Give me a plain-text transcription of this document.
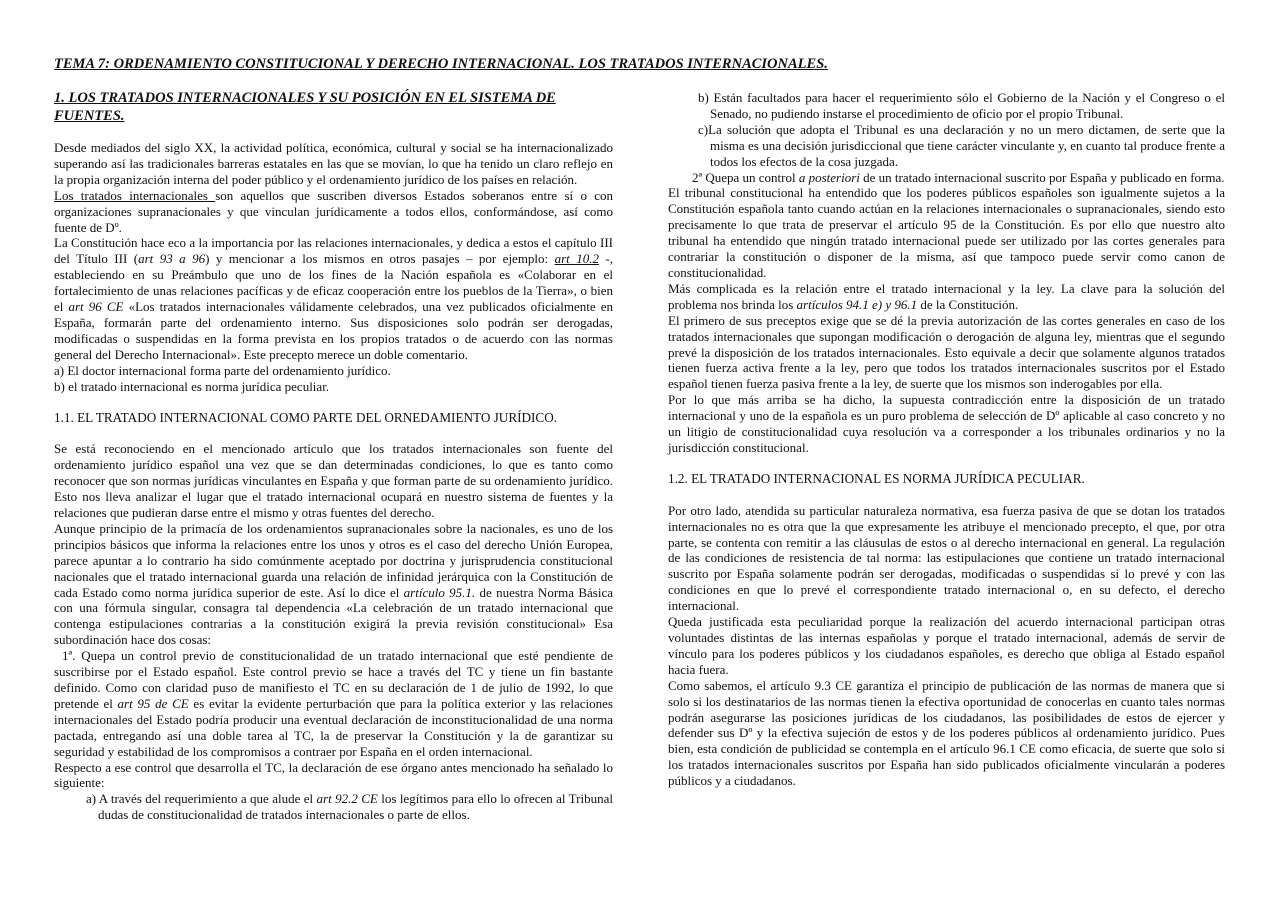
TEMA 7: ORDENAMIENTO CONSTITUCIONAL Y DERECHO INTERNACIONAL. LOS TRATADOS INTERNACIONALES.
1. LOS TRATADOS INTERNACIONALES Y SU POSICIÓN EN EL SISTEMA DE FUENTES.

Desde mediados del siglo XX, la actividad política, económica, cultural y social se ha internacionalizado superando así las tradicionales barreras estatales en las que se movían, lo que ha tenido un claro reflejo en la propia organización interna del poder público y el ordenamiento jurídico de los países en relación.

Los tratados internacionales son aquellos que suscriben diversos Estados soberanos entre sí o con organizaciones supranacionales y que vinculan jurídicamente a todos ellos, conformándose, así como fuente de Dº.

La Constitución hace eco a la importancia por las relaciones internacionales, y dedica a estos el capítulo III del Título III (art 93 a 96) y mencionar a los mismos en otros pasajes – por ejemplo: art 10.2 -, estableciendo en su Preámbulo que uno de los fines de la Nación española es «Colaborar en el fortalecimiento de unas relaciones pacíficas y de eficaz cooperación entre los pueblos de la Tierra», o bien el art 96 CE «Los tratados internacionales válidamente celebrados, una vez publicados oficialmente en España, formarán parte del ordenamiento interno. Sus disposiciones solo podrán ser derogadas, modificadas o suspendidas en la forma prevista en los propios tratados o de acuerdo con las normas general del Derecho Internacional». Este precepto merece un doble comentario.

a) El doctor internacional forma parte del ordenamiento jurídico.

b) el tratado internacional es norma jurídica peculiar.

1.1. EL TRATADO INTERNACIONAL COMO PARTE DEL ORNEDAMIENTO JURÍDICO.

Se está reconociendo en el mencionado artículo que los tratados internacionales son fuente del ordenamiento jurídico español una vez que se dan determinadas condiciones, lo que es tanto como reconocer que son normas jurídicas vinculantes en España y que forman parte de su ordenamiento jurídico. Esto nos lleva analizar el lugar que el tratado internacional ocupará en nuestro sistema de fuentes y la relaciones que pudieran darse entre el mismo y otras fuentes del derecho.

Aunque principio de la primacía de los ordenamientos supranacionales sobre la nacionales, es uno de los principios básicos que informa la relaciones entre los unos y otros es el caso del derecho Unión Europea, parece apuntar a lo contrario ha sido comúnmente aceptado por doctrina y jurisprudencia constitucional nacionales que el tratado internacional guarda una relación de infinidad jerárquica con la Constitución de cada Estado como norma jurídica superior de este. Así lo dice el artículo 95.1. de nuestra Norma Básica con una fórmula singular, consagra tal dependencia «La celebración de un tratado internacional que contenga estipulaciones contrarias a la constitución exigirá la previa revisión constitucional» Esa subordinación hace dos cosas:

1ª. Quepa un control previo de constitucionalidad de un tratado internacional que esté pendiente de suscribirse por el Estado español. Este control previo se hace a través del TC y tiene un fin bastante definido. Como con claridad puso de manifiesto el TC en su declaración de 1 de julio de 1992, lo que pretende el art 95 de CE es evitar la evidente perturbación que para la política exterior y las relaciones internacionales del Estado podría producir una eventual declaración de inconstitucionalidad de una norma pactada, entregando así una doble tarea al TC, la de preservar la Constitución y la de garantizar su seguridad y estabilidad de los compromisos a contraer por España en el orden internacional.

Respecto a ese control que desarrolla el TC, la declaración de ese órgano antes mencionado ha señalado lo siguiente:

a) A través del requerimiento a que alude el art 92.2 CE los legítimos para ello lo ofrecen al Tribunal dudas de constitucionalidad de tratados internacionales o parte de ellos.

b) Están facultados para hacer el requerimiento sólo el Gobierno de la Nación y el Congreso o el Senado, no pudiendo instarse el procedimiento de oficio por el propio Tribunal.

c)La solución que adopta el Tribunal es una declaración y no un mero dictamen, de serte que la misma es una decisión jurisdiccional que tiene carácter vinculante y, en cuanto tal produce frente a todos los efectos de la cosa juzgada.

2ª Quepa un control a posteriori de un tratado internacional suscrito por España y publicado en forma.

El tribunal constitucional ha entendido que los poderes públicos españoles son igualmente sujetos a la Constitución española tanto cuando actúan en la relaciones internacionales o supranacionales, siendo esto precisamente lo que trata de preservar el artículo 95 de la Constitución. Es por ello que nuestro alto tribunal ha entendido que ningún tratado internacional puede ser utilizado por las cortes generales para contrariar la constitución o disponer de la misma, así que tampoco puede servir como canon de constitucionalidad.

Más complicada es la relación entre el tratado internacional y la ley. La clave para la solución del problema nos brinda los artículos 94.1 e) y 96.1 de la Constitución.

El primero de sus preceptos exige que se dé la previa autorización de las cortes generales en caso de los tratados internacionales que supongan modificación o derogación de alguna ley, mientras que el segundo prevé la disposición de los tratados internacionales. Esto equivale a decir que solamente algunos tratados tienen fuerza activa frente a la ley, pero que todos los tratados internacionales suscritos por el Estado español tienen fuerza pasiva frente a la ley, de suerte que los mismos son inderogables por ella.

Por lo que más arriba se ha dicho, la supuesta contradicción entre la disposición de un tratado internacional y uno de la española es un puro problema de selección de Dº aplicable al caso concreto y no un litigio de constitucionalidad cuya resolución va a corresponder a los tribunales ordinarios y no la jurisdicción constitucional.

1.2. EL TRATADO INTERNACIONAL ES NORMA JURÍDICA PECULIAR.

Por otro lado, atendida su particular naturaleza normativa, esa fuerza pasiva de que se dotan los tratados internacionales no es otra que la que expresamente les atribuye el mencionado precepto, el que, por otra parte, se contenta con remitir a las cláusulas de estos o al derecho internacional en general. La regulación de las condiciones de resistencia de tal norma: las estipulaciones que contiene un tratado internacional suscrito por España solamente podrán ser derogadas, modificadas o suspendidas si lo prevé y con las condiciones en que lo prevé el correspondiente tratado internacional o, en su defecto, el derecho internacional.

Queda justificada esta peculiaridad porque la realización del acuerdo internacional participan otras voluntades distintas de las internas españolas y porque el tratado internacional, además de servir de vínculo para los poderes públicos y los ciudadanos españoles, es derecho que obliga al Estado español hacia fuera.

Como sabemos, el artículo 9.3 CE garantiza el principio de publicación de las normas de manera que si solo si los destinatarios de las normas tienen la efectiva oportunidad de conocerlas en cuanto tales normas podrán asegurarse las posiciones jurídicas de los ciudadanos, las posibilidades de estos de ejercer y defender sus Dº y la efectiva sujeción de estos y de los poderes públicos al ordenamiento jurídico. Pues bien, esta condición de publicidad se contempla en el artículo 96.1 CE como eficacia, de suerte que solo si los tratados internacionales suscritos por España han sido publicados oficialmente vincularán a poderes públicos y a ciudadanos.
